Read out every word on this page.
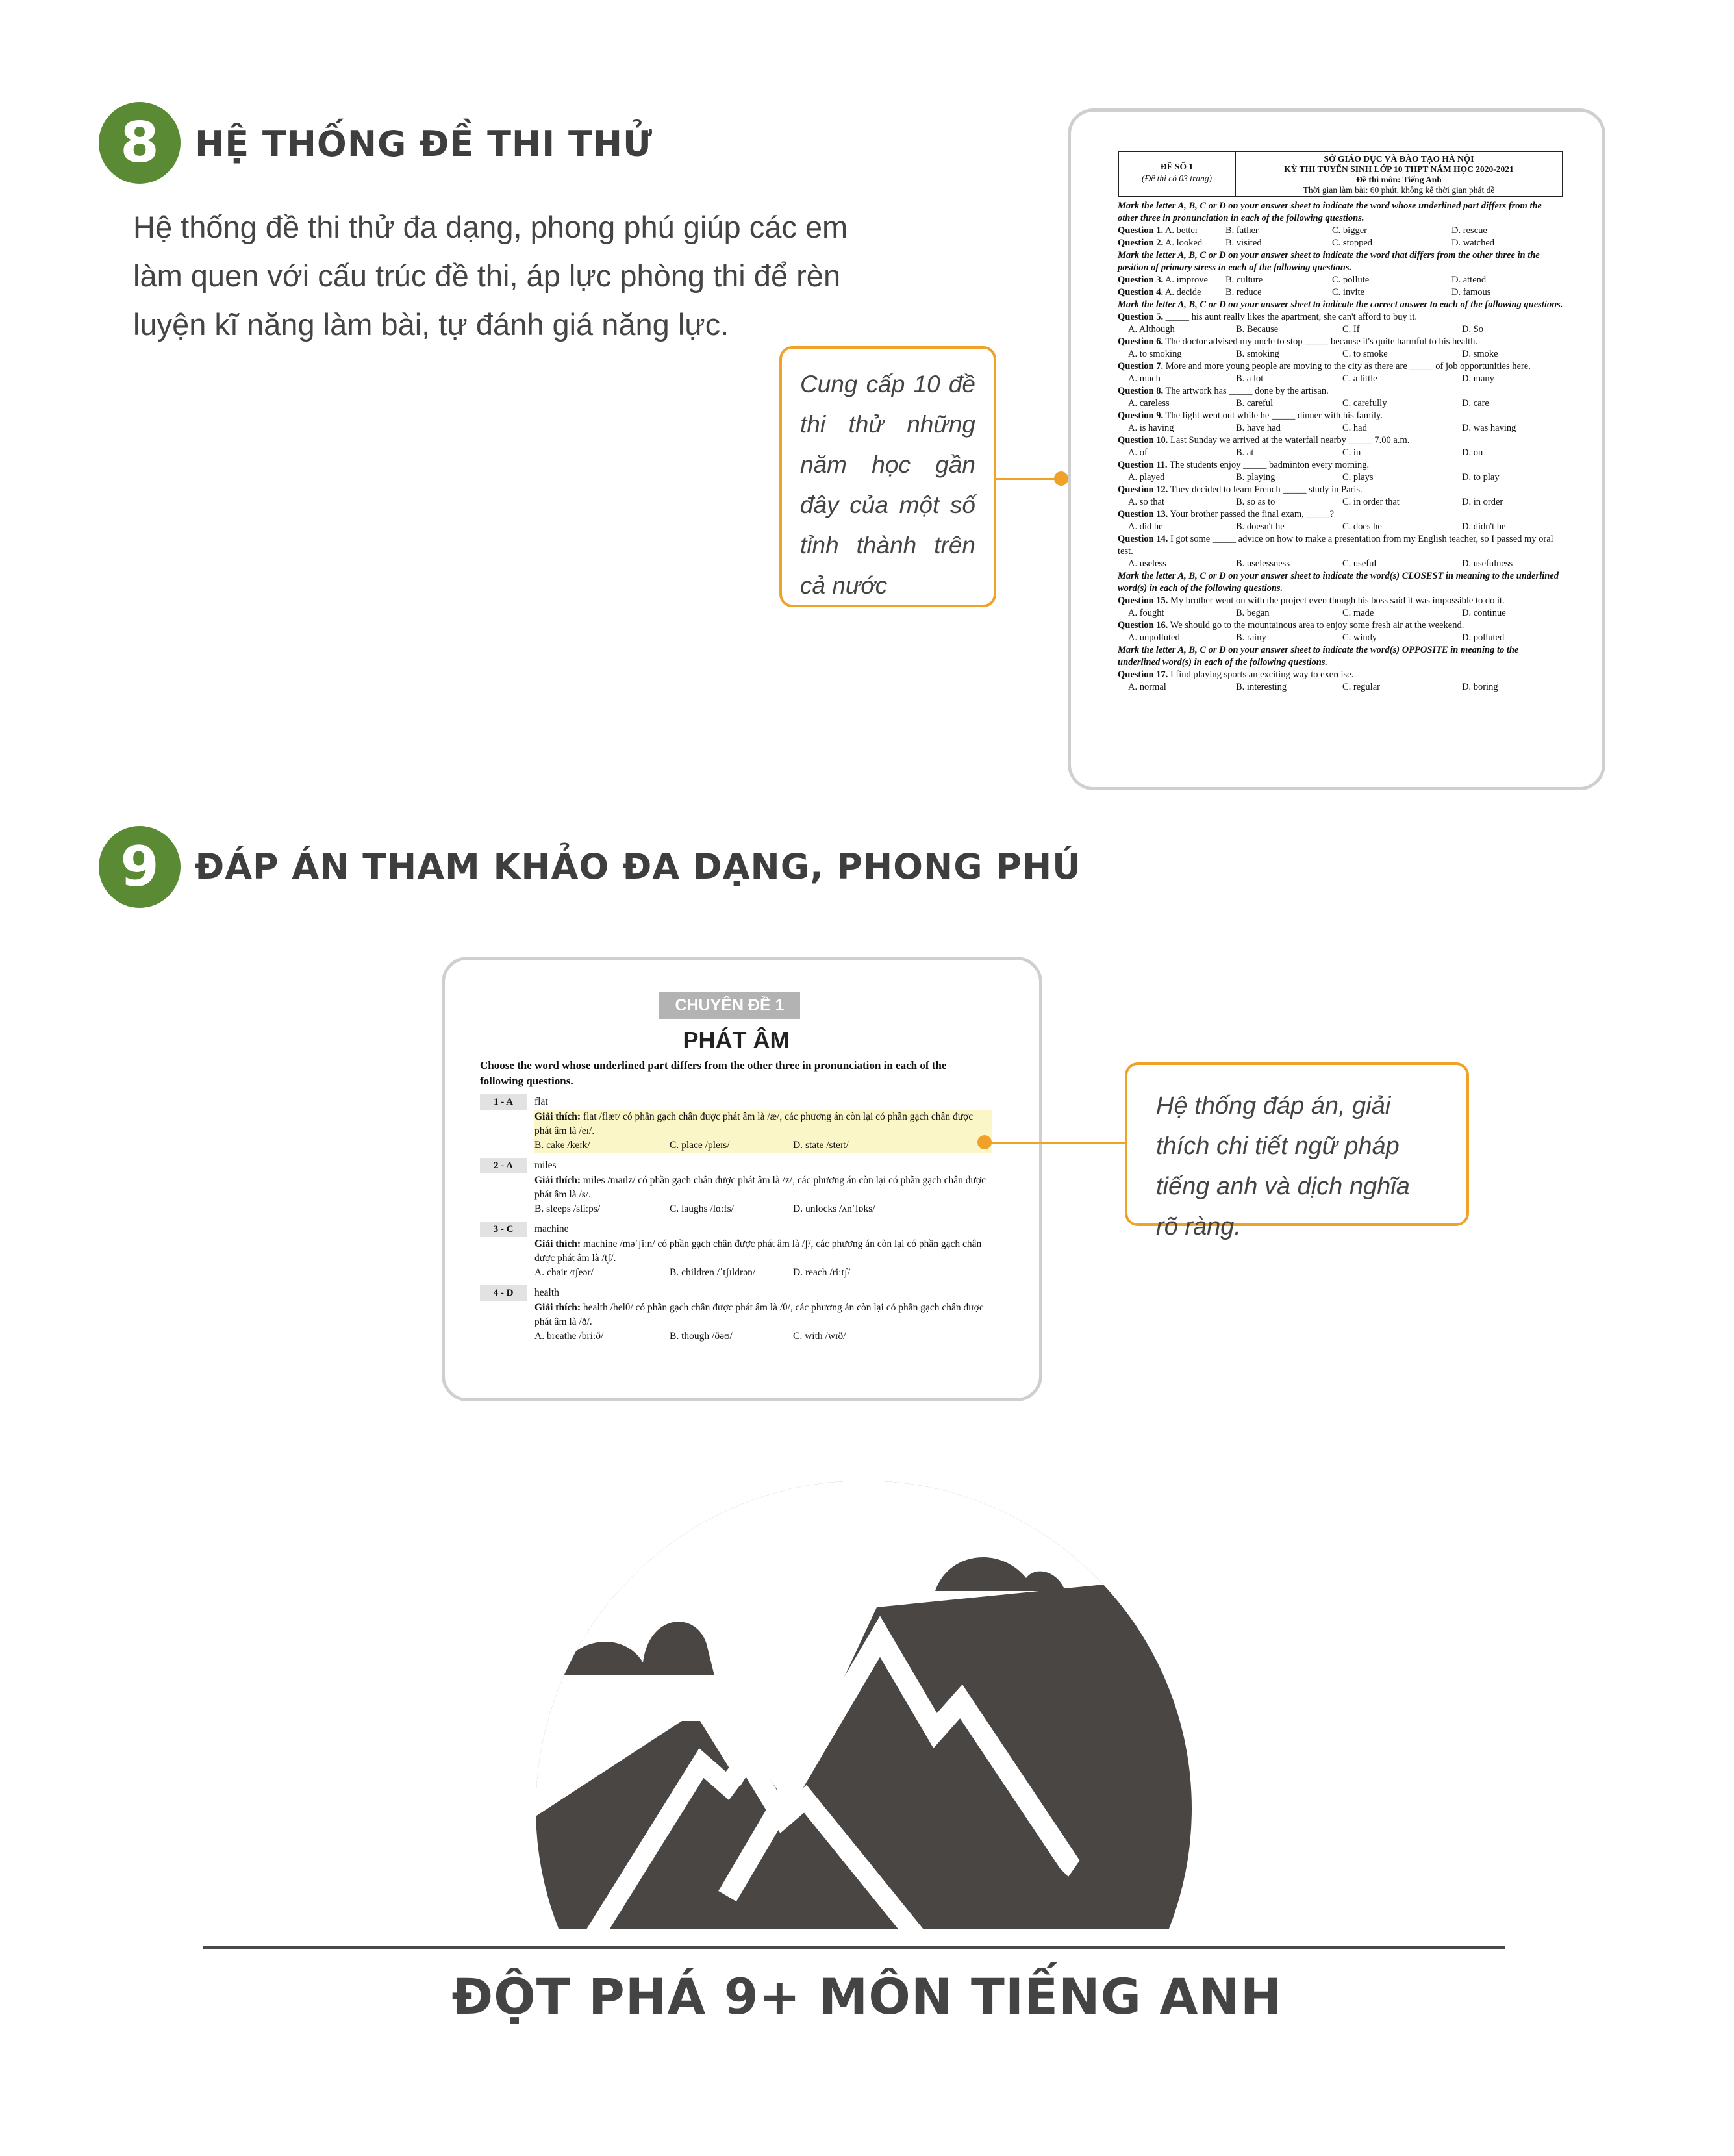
8	HỆ THỐNG ĐỀ THI THỬ

Hệ thống đề thi thử đa dạng, phong phú giúp các em làm quen với cấu trúc đề thi, áp lực phòng thi để rèn luyện kĩ năng làm bài, tự đánh giá năng lực.

Cung cấp 10 đề thi thử những năm học gần đây của một số tỉnh thành trên cả nước
ĐỀ SỐ 1
(Đề thi có 03 trang)
SỞ GIÁO DỤC VÀ ĐÀO TẠO HÀ NỘI
KỲ THI TUYỂN SINH LỚP 10 THPT NĂM HỌC 2020-2021
Đề thi môn: Tiếng Anh
Thời gian làm bài: 60 phút, không kể thời gian phát đề
Mark the letter A, B, C or D on your answer sheet to indicate the word whose underlined part differs from the other three in pronunciation in each of the following questions.
Question 1. A. better	B. father	C. bigger	D. rescue
Question 2. A. looked	B. visited	C. stopped	D. watched
Mark the letter A, B, C or D on your answer sheet to indicate the word that differs from the other three in the position of primary stress in each of the following questions.
Question 3. A. improve	B. culture	C. pollute	D. attend
Question 4. A. decide	B. reduce	C. invite	D. famous
Mark the letter A, B, C or D on your answer sheet to indicate the correct answer to each of the following questions.
Question 5. _____ his aunt really likes the apartment, she can't afford to buy it.
A. Although	B. Because	C. If	D. So
Question 6. The doctor advised my uncle to stop _____ because it's quite harmful to his health.
A. to smoking	B. smoking	C. to smoke	D. smoke
Question 7. More and more young people are moving to the city as there are _____ of job opportunities here.
A. much	B. a lot	C. a little	D. many
Question 8. The artwork has _____ done by the artisan.
A. careless	B. careful	C. carefully	D. care
Question 9. The light went out while he _____ dinner with his family.
A. is having	B. have had	C. had	D. was having
Question 10. Last Sunday we arrived at the waterfall nearby _____ 7.00 a.m.
A. of	B. at	C. in	D. on
Question 11. The students enjoy _____ badminton every morning.
A. played	B. playing	C. plays	D. to play
Question 12. They decided to learn French _____ study in Paris.
A. so that	B. so as to	C. in order that	D. in order
Question 13. Your brother passed the final exam, _____?
A. did he	B. doesn't he	C. does he	D. didn't he
Question 14. I got some _____ advice on how to make a presentation from my English teacher, so I passed my oral test.
A. useless	B. uselessness	C. useful	D. usefulness
Mark the letter A, B, C or D on your answer sheet to indicate the word(s) CLOSEST in meaning to the underlined word(s) in each of the following questions.
Question 15. My brother went on with the project even though his boss said it was impossible to do it.
A. fought	B. began	C. made	D. continue
Question 16. We should go to the mountainous area to enjoy some fresh air at the weekend.
A. unpolluted	B. rainy	C. windy	D. polluted
Mark the letter A, B, C or D on your answer sheet to indicate the word(s) OPPOSITE in meaning to the underlined word(s) in each of the following questions.
Question 17. I find playing sports an exciting way to exercise.
A. normal	B. interesting	C. regular	D. boring
9	ĐÁP ÁN THAM KHẢO ĐA DẠNG, PHONG PHÚ
CHUYÊN ĐỀ 1
PHÁT ÂM
Choose the word whose underlined part differs from the other three in pronunciation in each of the following questions.
1 - A	flat
Giải thích: flat /flæt/ có phần gạch chân được phát âm là /æ/, các phương án còn lại có phần gạch chân được phát âm là /eɪ/.
B. cake /keɪk/	C. place /pleɪs/	D. state /steɪt/
2 - A	miles
Giải thích: miles /maɪlz/ có phần gạch chân được phát âm là /z/, các phương án còn lại có phần gạch chân được phát âm là /s/.
B. sleeps /sliːps/	C. laughs /lɑːfs/	D. unlocks /ʌnˈlɒks/
3 - C	machine
Giải thích: machine /məˈʃiːn/ có phần gạch chân được phát âm là /ʃ/, các phương án còn lại có phần gạch chân được phát âm là /tʃ/.
A. chair /tʃeər/	B. children /ˈtʃɪldrən/	D. reach /riːtʃ/
4 - D	health
Giải thích: health /helθ/ có phần gạch chân được phát âm là /θ/, các phương án còn lại có phần gạch chân được phát âm là /ð/.
A. breathe /briːð/	B. though /ðəʊ/	C. with /wɪð/
Hệ thống đáp án, giải thích chi tiết ngữ pháp tiếng anh và dịch nghĩa rõ ràng.
ĐỘT PHÁ 9+ MÔN TIẾNG ANH
